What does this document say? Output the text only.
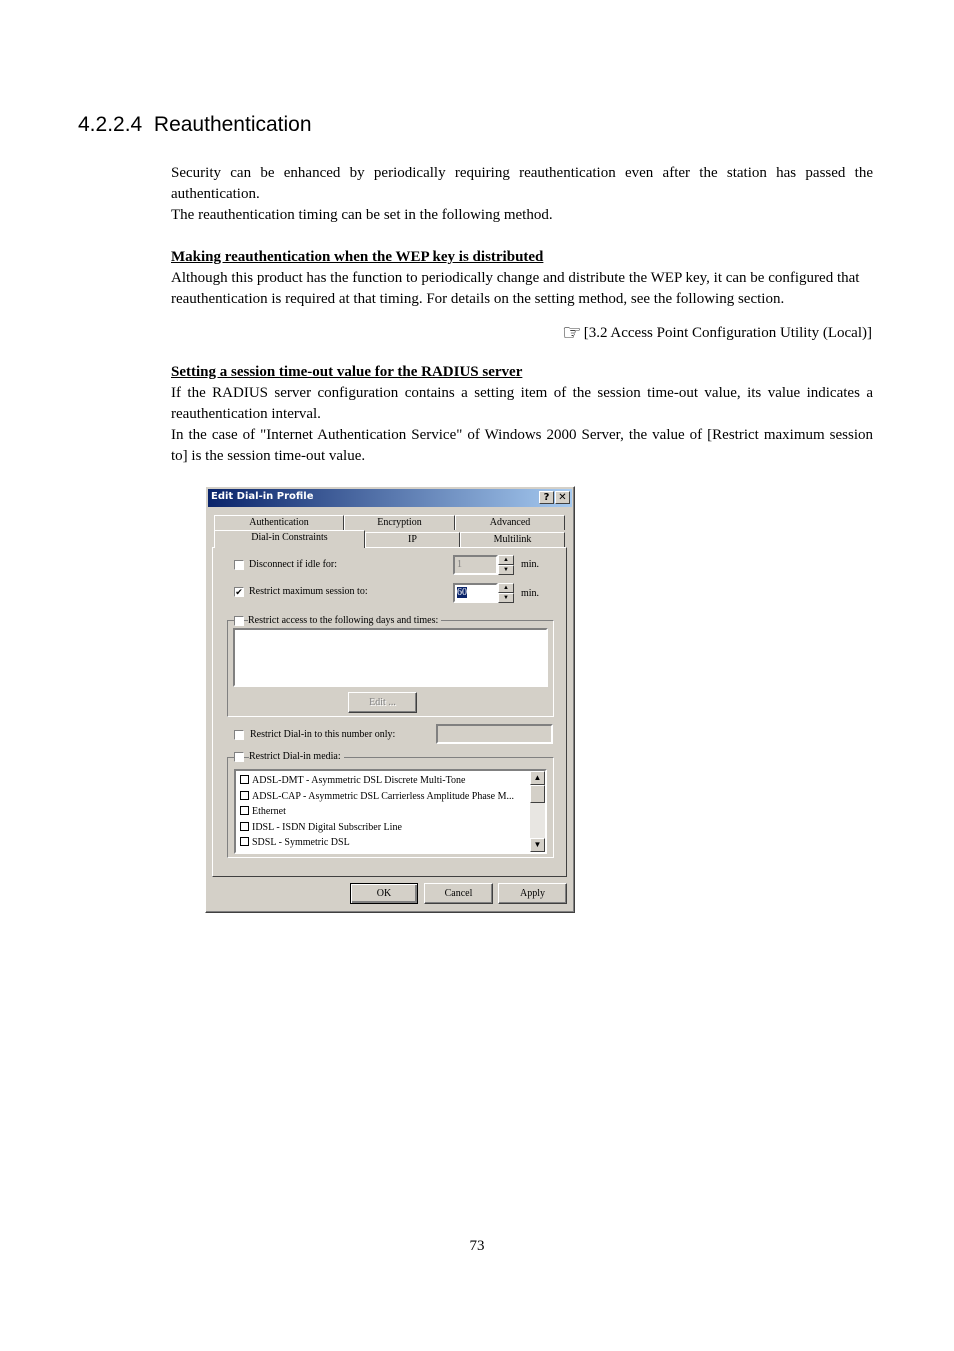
4.2.2.4 Reauthentication
Security can be enhanced by periodically requiring reauthentication even after the station has passed the authentication.
The reauthentication timing can be set in the following method.
Making reauthentication when the WEP key is distributed
Although this product has the function to periodically change and distribute the WEP key, it can be configured that reauthentication is required at that timing. For details on the setting method, see the following section.
☞ [3.2 Access Point Configuration Utility (Local)]
Setting a session time-out value for the RADIUS server
If the RADIUS server configuration contains a setting item of the session time-out value, its value indicates a reauthentication interval.
In the case of "Internet Authentication Service" of Windows 2000 Server, the value of [Restrict maximum session to] is the session time-out value.
Edit Dial-in Profile	? ✕
Authentication	Encryption	Advanced
Dial-in Constraints	IP	Multilink
Disconnect if idle for:	1	▲
▼	min.
✔ Restrict maximum session to:	60	▲
▼	min.
Restrict access to the following days and times:
Edit ...
Restrict Dial-in to this number only:
Restrict Dial-in media:
ADSL-DMT - Asymmetric DSL Discrete Multi-Tone
ADSL-CAP - Asymmetric DSL Carrierless Amplitude Phase M...
Ethernet
IDSL - ISDN Digital Subscriber Line
SDSL - Symmetric DSL
▲
▼
OK	Cancel	Apply
73
